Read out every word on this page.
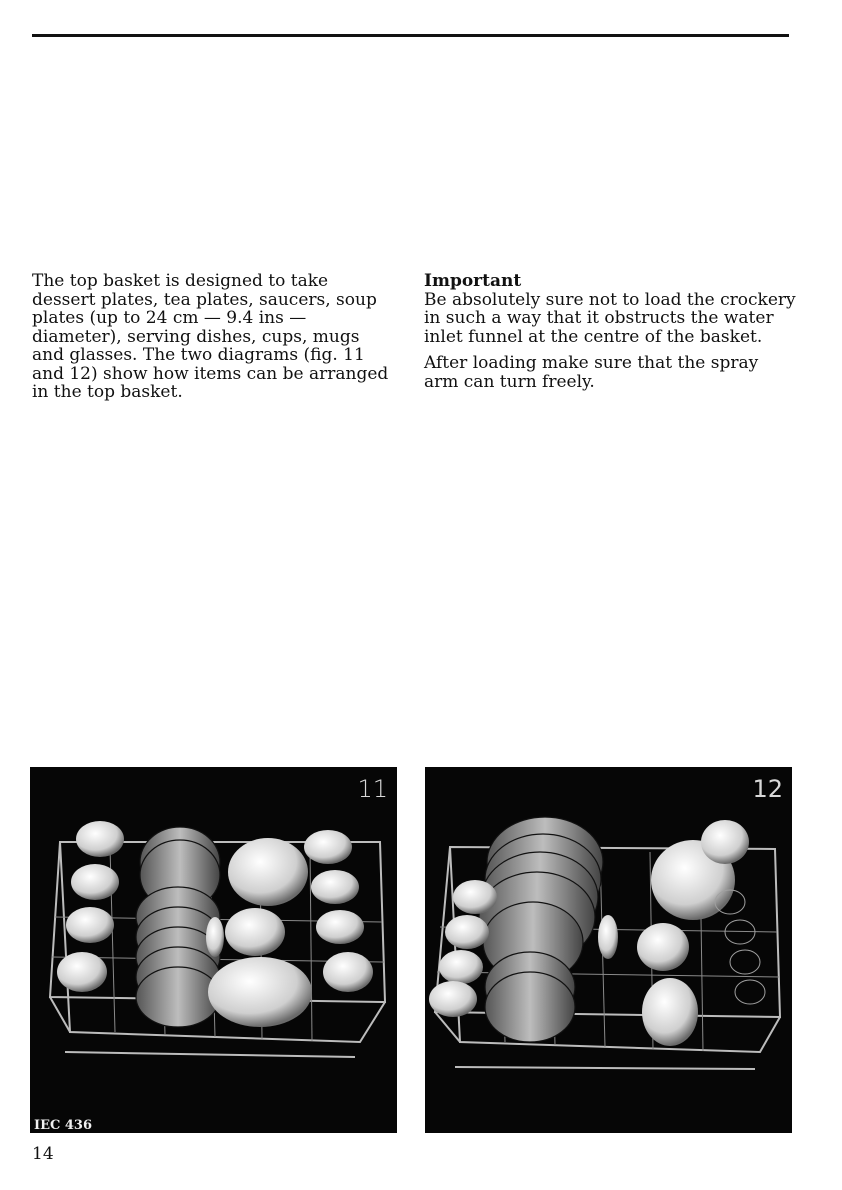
The top basket is designed to take dessert plates, tea plates, saucers, soup plates (up to 24 cm — 9.4 ins — diameter), serving dishes, cups, mugs and glasses. The two diagrams (fig. 11 and 12) show how items can be arranged in the top basket.

Important

Be absolutely sure not to load the crockery in such a way that it obstructs the water inlet funnel at the centre of the basket.

After loading make sure that the spray arm can turn freely.

11
IEC 436
12
14
